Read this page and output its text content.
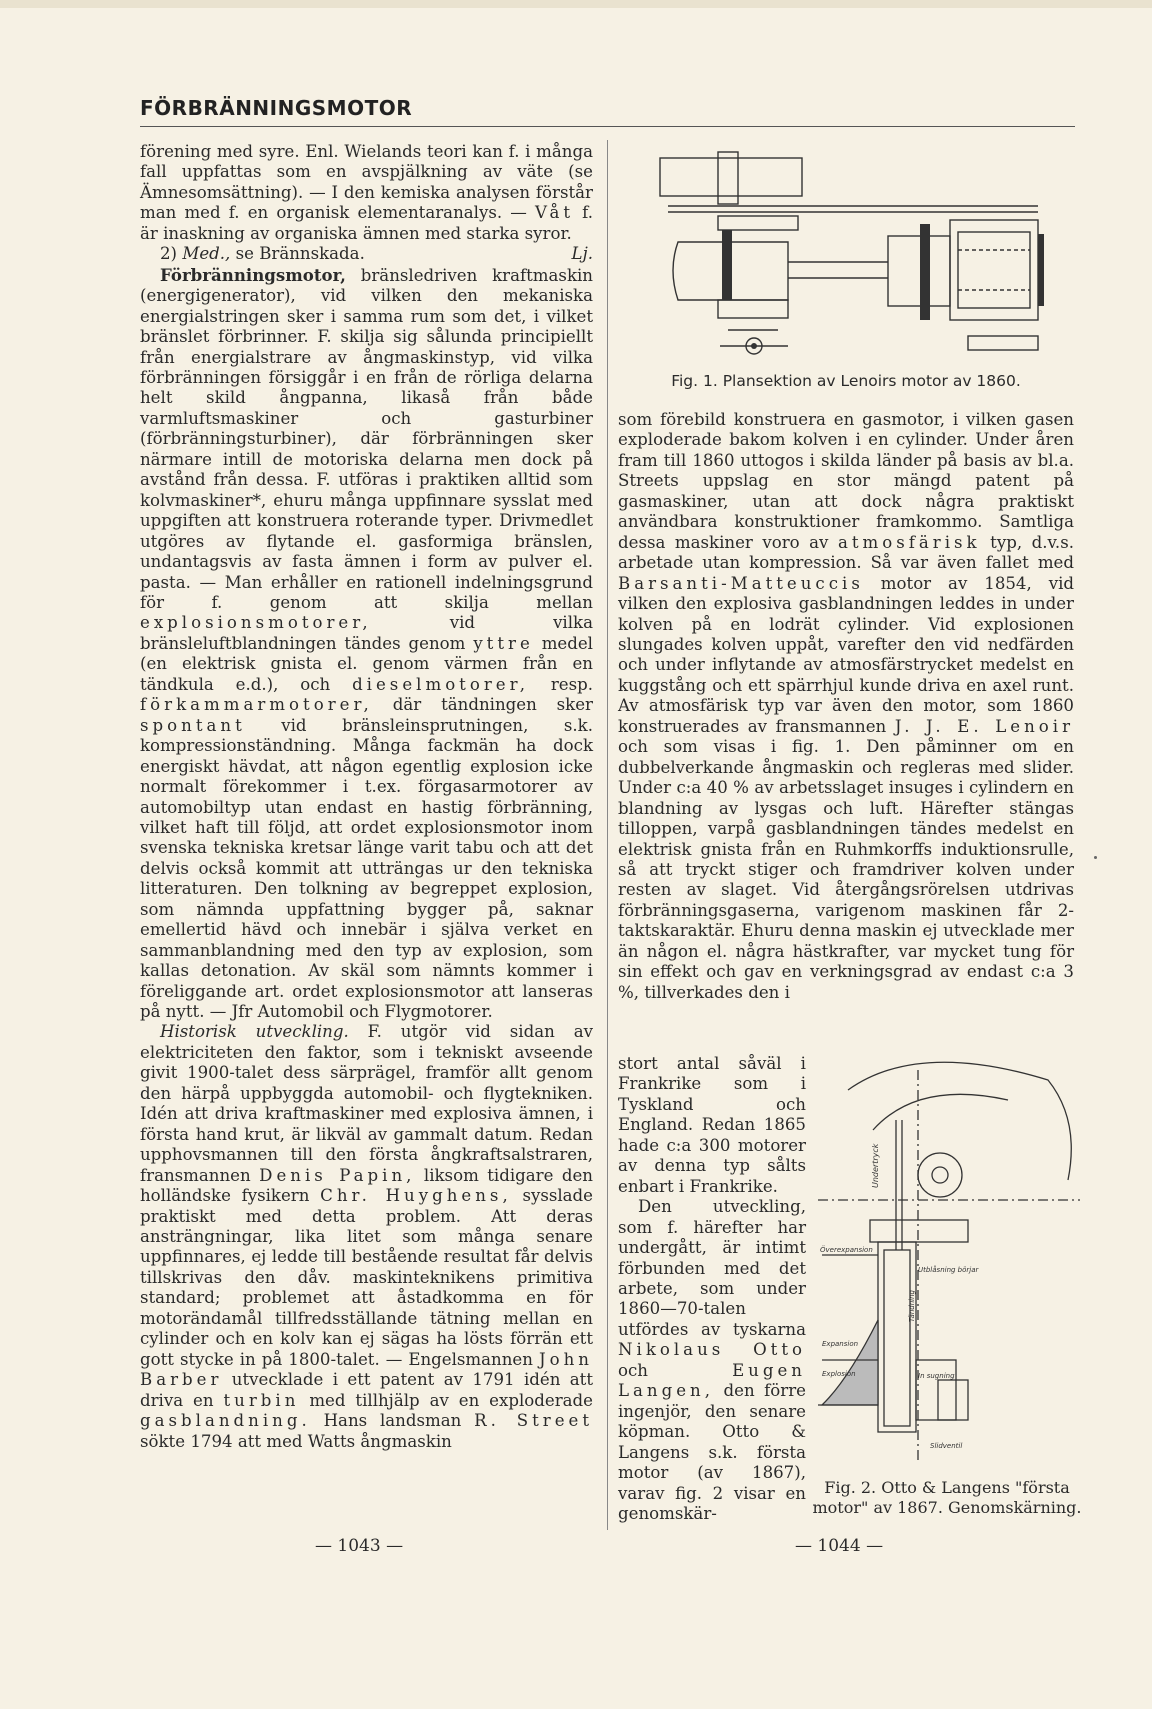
FÖRBRÄNNINGSMOTOR

förening med syre. Enl. Wielands teori kan f. i många fall uppfattas som en avspjälkning av väte (se Ämnesomsättning). — I den kemiska analysen förstår man med f. en organisk elementaranalys. — Våt f. är inaskning av organiska ämnen med starka syror.
Lj.

2) Med., se Brännskada.

Förbränningsmotor, bränsledriven kraftmaskin (energigenerator), vid vilken den mekaniska energialstringen sker i samma rum som det, i vilket bränslet förbrinner. F. skilja sig sålunda principiellt från energialstrare av ångmaskinstyp, vid vilka förbränningen försiggår i en från de rörliga delarna helt skild ångpanna, likaså från både varmluftsmaskiner och gasturbiner (förbränningsturbiner), där förbränningen sker närmare intill de motoriska delarna men dock på avstånd från dessa. F. utföras i praktiken alltid som kolvmaskiner*, ehuru många uppfinnare sysslat med uppgiften att konstruera roterande typer. Drivmedlet utgöres av flytande el. gasformiga bränslen, undantagsvis av fasta ämnen i form av pulver el. pasta. — Man erhåller en rationell indelningsgrund för f. genom att skilja mellan explosionsmotorer,	vid vilka bränsleluftblandningen tändes genom yttre medel (en elektrisk gnista el. genom värmen från en tändkula e.d.), och dieselmotorer, resp. förkammarmotorer, där tändningen sker spontant vid bränsleinsprutningen, s.k. kompressionständning. Många fackmän ha dock energiskt hävdat, att någon egentlig explosion icke normalt förekommer i t.ex. förgasarmotorer av automobiltyp utan endast en hastig förbränning, vilket haft till följd, att ordet explosionsmotor inom svenska tekniska kretsar länge varit tabu och att det delvis också kommit att utträngas ur den tekniska litteraturen. Den tolkning av begreppet explosion, som nämnda uppfattning bygger på, saknar emellertid hävd och innebär i själva verket en sammanblandning med den typ av explosion, som kallas detonation. Av skäl som nämnts kommer i föreliggande art. ordet explosionsmotor att lanseras på nytt. — Jfr Automobil och Flygmotorer.

Historisk utveckling. F. utgör vid sidan av elektriciteten den faktor, som i tekniskt avseende givit 1900-talet dess särprägel, framför allt genom den härpå uppbyggda automobil- och flygtekniken. Idén att driva kraftmaskiner med explosiva ämnen, i första hand krut, är likväl av gammalt datum. Redan upphovsmannen till den första ångkraftsalstraren, fransmannen Denis Papin, liksom tidigare den holländske fysikern Chr. Huyghens, sysslade praktiskt med detta problem. Att deras ansträngningar, lika litet som många senare uppfinnares, ej ledde till bestående resultat får delvis tillskrivas den dåv. maskinteknikens primitiva standard; problemet att åstadkomma en för motorändamål tillfredsställande tätning mellan en cylinder och en kolv kan ej sägas ha lösts förrän ett gott stycke in på 1800-talet. — Engelsmannen John Barber utvecklade i ett patent av 1791 idén att driva en turbin med tillhjälp av en exploderade gasblandning. Hans landsman R. Street sökte 1794 att med Watts ångmaskin

Fig. 1. Plansektion av Lenoirs motor av 1860.

som förebild konstruera en gasmotor, i vilken gasen exploderade bakom kolven i en cylinder. Under åren fram till 1860 uttogos i skilda länder på basis av bl.a. Streets uppslag en stor mängd patent på gasmaskiner, utan att dock några praktiskt användbara konstruktioner framkommo. Samtliga dessa maskiner voro av atmosfärisk typ, d.v.s. arbetade utan kompression. Så var även fallet med Barsanti-Matteuccis motor av 1854, vid vilken den explosiva gasblandningen leddes in under kolven på en lodrät cylinder. Vid explosionen slungades kolven uppåt, varefter den vid nedfärden och under inflytande av atmosfärstrycket medelst en kuggstång och ett spärrhjul kunde driva en axel runt. Av atmosfärisk typ var även den motor, som 1860 konstruerades av fransmannen J. J. E. Lenoir och som visas i fig. 1. Den påminner om en dubbelverkande ångmaskin och regleras med slider. Under c:a 40 % av arbetsslaget insuges i cylindern en blandning av lysgas och luft. Härefter stängas tilloppen, varpå gasblandningen tändes medelst en elektrisk gnista från en Ruhmkorffs induktionsrulle, så att tryckt stiger och framdriver kolven under resten av slaget. Vid återgångsrörelsen utdrivas förbränningsgaserna, varigenom maskinen får 2-taktskaraktär. Ehuru denna maskin ej utvecklade mer än någon el. några hästkrafter, var mycket tung för sin effekt och gav en verkningsgrad av endast c:a 3 %, tillverkades den i

stort antal såväl i Frankrike som i Tyskland och England. Redan 1865 hade c:a 300 motorer av denna typ sålts enbart i Frankrike.

Den utveckling, som f. härefter har undergått, är intimt förbunden med det arbete, som under 1860—70-talen utfördes av tyskarna Nikolaus Otto och	Eugen Langen, den förre ingenjör, den senare köpman. Otto & Langens s.k. första motor (av 1867), varav fig. 2 visar en genomskär-

Undertryck
Överexpansion
Utblåsning börjar
Tändning
Expansion
Explosion	In sugning
Slidventil
Fig. 2. Otto & Langens "första motor" av 1867. Genomskärning.
— 1043 —	— 1044 —
